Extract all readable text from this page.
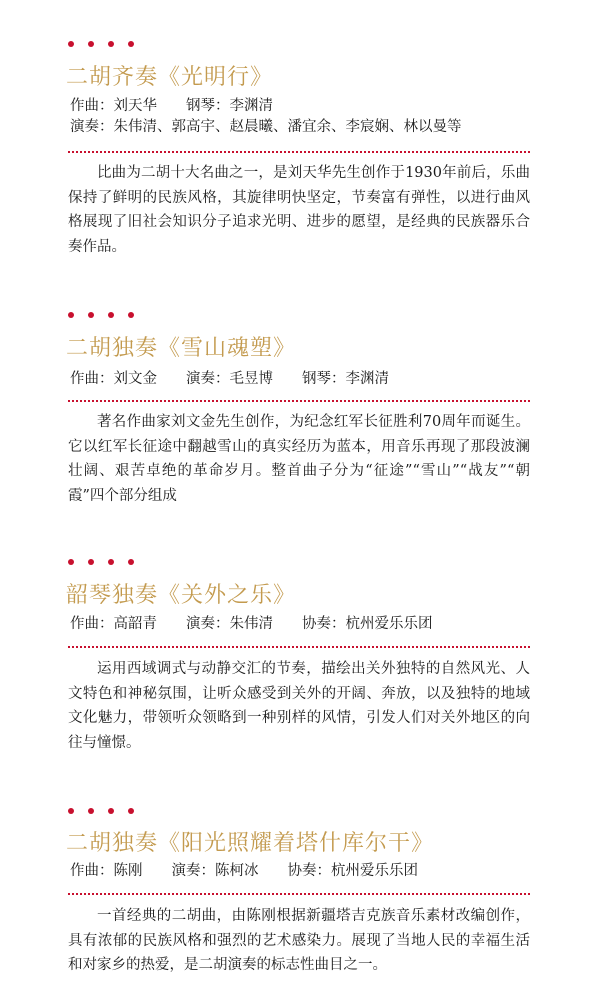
二胡齐奏《光明行》
作曲：刘天华　　钢琴：李渊清
演奏：朱伟清、郭高宇、赵晨曦、潘宜余、李宸娴、林以曼等
比曲为二胡十大名曲之一，是刘天华先生创作于1930年前后，乐曲保持了鲜明的民族风格，其旋律明快坚定，节奏富有弹性，以进行曲风格展现了旧社会知识分子追求光明、进步的愿望，是经典的民族器乐合奏作品。
二胡独奏《雪山魂塑》
作曲：刘文金　　演奏：毛昱博　　钢琴：李渊清
著名作曲家刘文金先生创作，为纪念红军长征胜利70周年而诞生。它以红军长征途中翻越雪山的真实经历为蓝本，用音乐再现了那段波澜壮阔、艰苦卓绝的革命岁月。整首曲子分为“征途”“雪山”“战友”“朝霞”四个部分组成
韶琴独奏《关外之乐》
作曲：高韶青　　演奏：朱伟清　　协奏：杭州爱乐乐团
运用西域调式与动静交汇的节奏，描绘出关外独特的自然风光、人文特色和神秘氛围，让听众感受到关外的开阔、奔放，以及独特的地域文化魅力，带领听众领略到一种别样的风情，引发人们对关外地区的向往与憧憬。
二胡独奏《阳光照耀着塔什库尔干》
作曲：陈刚　　演奏：陈柯冰　　协奏：杭州爱乐乐团
一首经典的二胡曲，由陈刚根据新疆塔吉克族音乐素材改编创作，具有浓郁的民族风格和强烈的艺术感染力。展现了当地人民的幸福生活和对家乡的热爱，是二胡演奏的标志性曲目之一。
